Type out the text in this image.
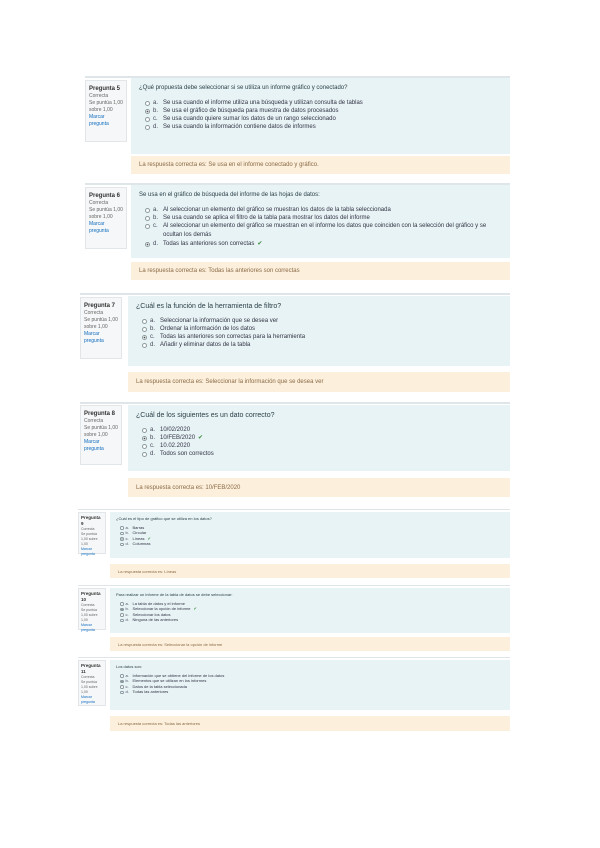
Pregunta 5
Correcta
Se puntúa 1,00 sobre 1,00
Marcar pregunta
¿Qué propuesta debe seleccionar si se utiliza un informe gráfico y conectado?
a. Se usa cuando el informe utiliza una búsqueda y utilizan consulta de tablas
b. Se usa el gráfico de búsqueda para muestra de datos procesados
c. Se usa cuando quiere sumar los datos de un rango seleccionado
d. Se usa cuando la información contiene datos de informes
La respuesta correcta es: Se usa en el informe conectado y gráfico.
Pregunta 6
Correcta
Se puntúa 1,00 sobre 1,00
Marcar pregunta
Se usa en el gráfico de búsqueda del informe de las hojas de datos:
a. Al seleccionar un elemento del gráfico se muestran los datos de la tabla seleccionada
b. Se usa cuando se aplica el filtro de la tabla para mostrar los datos del informe
c. Al seleccionar un elemento del gráfico se muestran en el informe los datos que coinciden con la selección del gráfico y se ocultan los demás
d. Todas las anteriores son correctas ✔
La respuesta correcta es: Todas las anteriores son correctas
Pregunta 7
Correcta
Se puntúa 1,00 sobre 1,00
Marcar pregunta
¿Cuál es la función de la herramienta de filtro?
a. Seleccionar la información que se desea ver
b. Ordenar la información de los datos
c. Todas las anteriores son correctas para la herramienta
d. Añadir y eliminar datos de la tabla
La respuesta correcta es: Seleccionar la información que se desea ver
Pregunta 8
Correcta
Se puntúa 1,00 sobre 1,00
Marcar pregunta
¿Cuál de los siguientes es un dato correcto?
a. 10/02/2020
b. 10/FEB/2020 ✔
c. 10.02.2020
d. Todos son correctos
La respuesta correcta es: 10/FEB/2020
Pregunta 9
Correcta
Se puntúa 1,00 sobre 1,00
Marcar pregunta
¿Cuál es el tipo de gráfico que se utiliza en los datos?
a. Barras
b. Circular
c. Líneas ✔
d. Columnas
La respuesta correcta es: Líneas
Pregunta 10
Correcta
Se puntúa 1,00 sobre 1,00
Marcar pregunta
Para realizar un informe de la tabla de datos se debe seleccionar:
a. La tabla de datos y el informe
b. Seleccionar la opción de informe ✔
c. Seleccionar los datos
d. Ninguna de las anteriores
La respuesta correcta es: Seleccionar la opción de informe
Pregunta 11
Correcta
Se puntúa 1,00 sobre 1,00
Marcar pregunta
Los datos son:
a. Información que se obtiene del informe de los datos
b. Elementos que se utilizan en los informes
c. Datos de la tabla seleccionada
d. Todas las anteriores
La respuesta correcta es: Todas las anteriores
